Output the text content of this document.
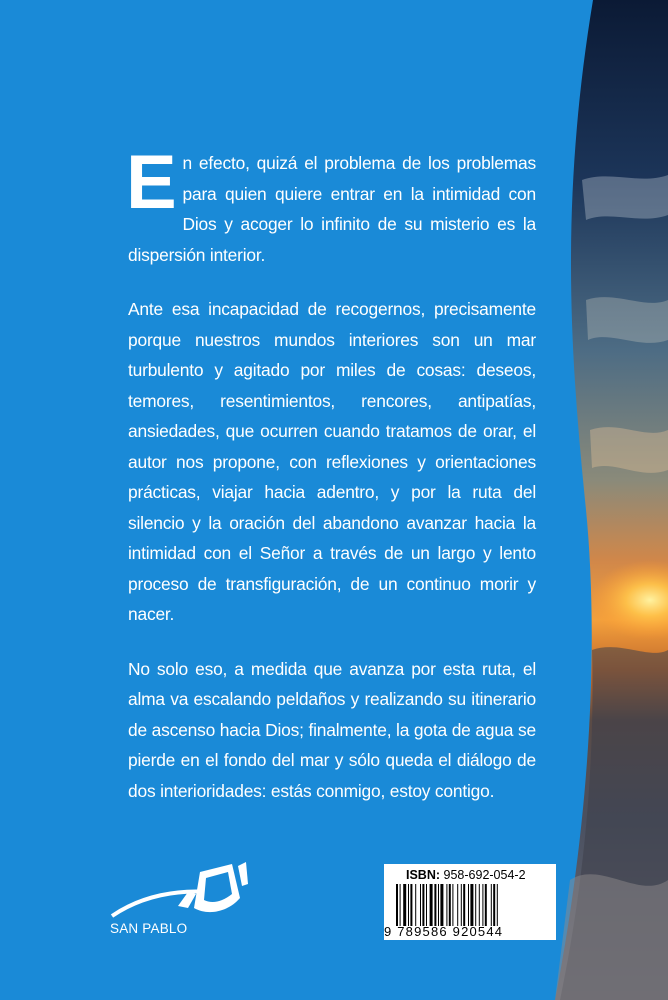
En efecto, quizá el problema de los problemas para quien quiere entrar en la intimidad con Dios y acoger lo infinito de su misterio es la dispersión interior.

Ante esa incapacidad de recogernos, precisamente porque nuestros mundos interiores son un mar turbulento y agitado por miles de cosas: deseos, temores, resentimientos, rencores, antipatías, ansiedades, que ocurren cuando tratamos de orar, el autor nos propone, con reflexiones y orientaciones prácticas, viajar hacia adentro, y por la ruta del silencio y la oración del abandono avanzar hacia la intimidad con el Señor a través de un largo y lento proceso de transfiguración, de un continuo morir y nacer.

No solo eso, a medida que avanza por esta ruta, el alma va escalando peldaños y realizando su itinerario de ascenso hacia Dios; finalmente, la gota de agua se pierde en el fondo del mar y sólo queda el diálogo de dos interioridades: estás conmigo, estoy contigo.

SAN PABLO
ISBN: 958-692-054-2
9 789586 920544
